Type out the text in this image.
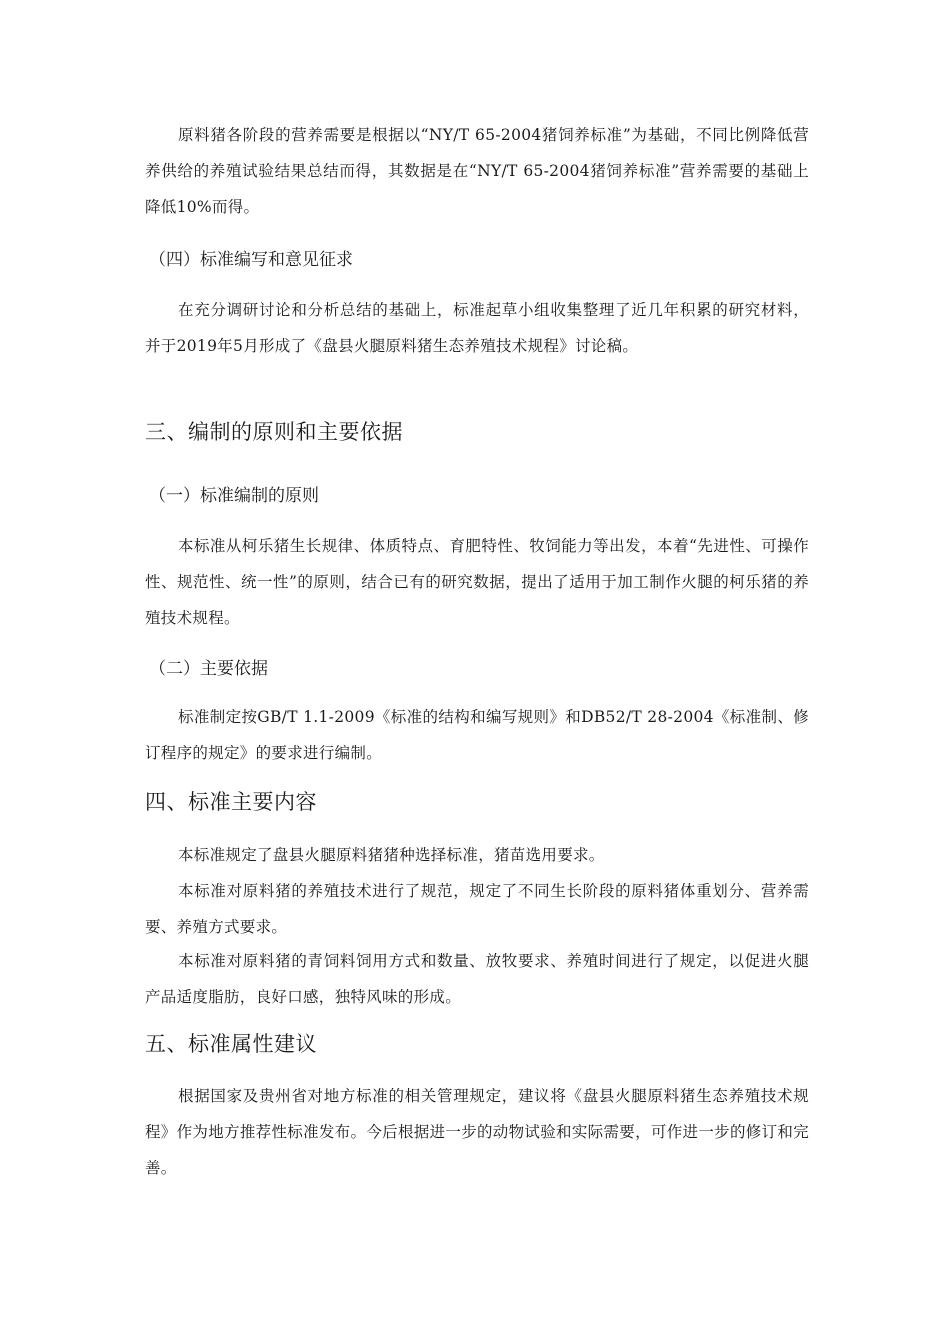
原料猪各阶段的营养需要是根据以“NY/T 65-2004猪饲养标准”为基础，不同比例降低营养供给的养殖试验结果总结而得，其数据是在“NY/T 65-2004猪饲养标准”营养需要的基础上降低10%而得。

（四）标准编写和意见征求

在充分调研讨论和分析总结的基础上，标准起草小组收集整理了近几年积累的研究材料，并于2019年5月形成了《盘县火腿原料猪生态养殖技术规程》讨论稿。

三、编制的原则和主要依据
（一）标准编制的原则

本标准从柯乐猪生长规律、体质特点、育肥特性、牧饲能力等出发，本着“先进性、可操作性、规范性、统一性”的原则，结合已有的研究数据，提出了适用于加工制作火腿的柯乐猪的养殖技术规程。

（二）主要依据

标准制定按GB/T 1.1-2009《标准的结构和编写规则》和DB52/T 28-2004《标准制、修订程序的规定》的要求进行编制。

四、标准主要内容

本标准规定了盘县火腿原料猪猪种选择标准，猪苗选用要求。

本标准对原料猪的养殖技术进行了规范，规定了不同生长阶段的原料猪体重划分、营养需要、养殖方式要求。

本标准对原料猪的青饲料饲用方式和数量、放牧要求、养殖时间进行了规定，以促进火腿产品适度脂肪，良好口感，独特风味的形成。

五、标准属性建议

根据国家及贵州省对地方标准的相关管理规定，建议将《盘县火腿原料猪生态养殖技术规程》作为地方推荐性标准发布。今后根据进一步的动物试验和实际需要，可作进一步的修订和完善。
